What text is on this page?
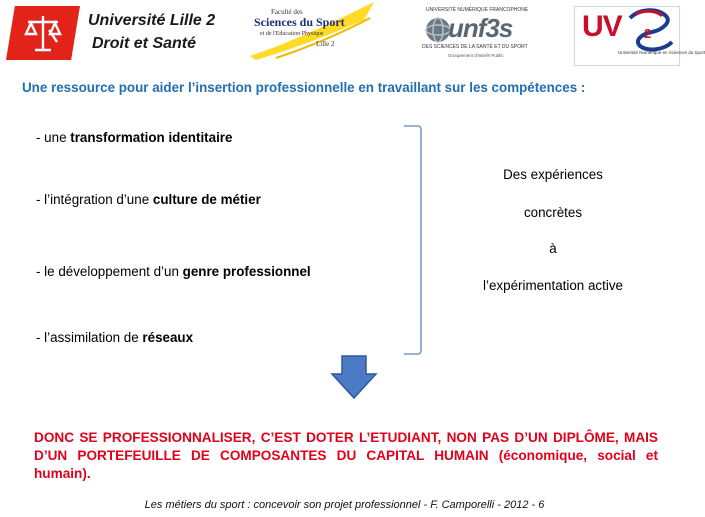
Université Lille 2
Droit et Santé
Faculté des
Sciences du Sport
et de l'Education Physique
Lille 2
UNIVERSITÉ NUMÉRIQUE FRANCOPHONE
unf3s
DES SCIENCES DE LA SANTÉ ET DU SPORT
Groupement d'intérêt Public
UV 2
Université Numérique en Sciences du Sport
Une ressource pour aider l’insertion professionnelle en travaillant sur les compétences :
- une transformation identitaire
- l’intégration d’une culture de métier
- le développement d’un genre professionnel
- l’assimilation de réseaux
Des expériences
concrètes
à
l’expérimentation active
DONC SE PROFESSIONNALISER, C’EST DOTER L’ETUDIANT, NON PAS D’UN DIPLÔME, MAIS D’UN PORTEFEUILLE DE COMPOSANTES DU CAPITAL HUMAIN (économique, social et humain).
Les métiers du sport : concevoir son projet professionnel - F. Camporelli - 2012 - 6
